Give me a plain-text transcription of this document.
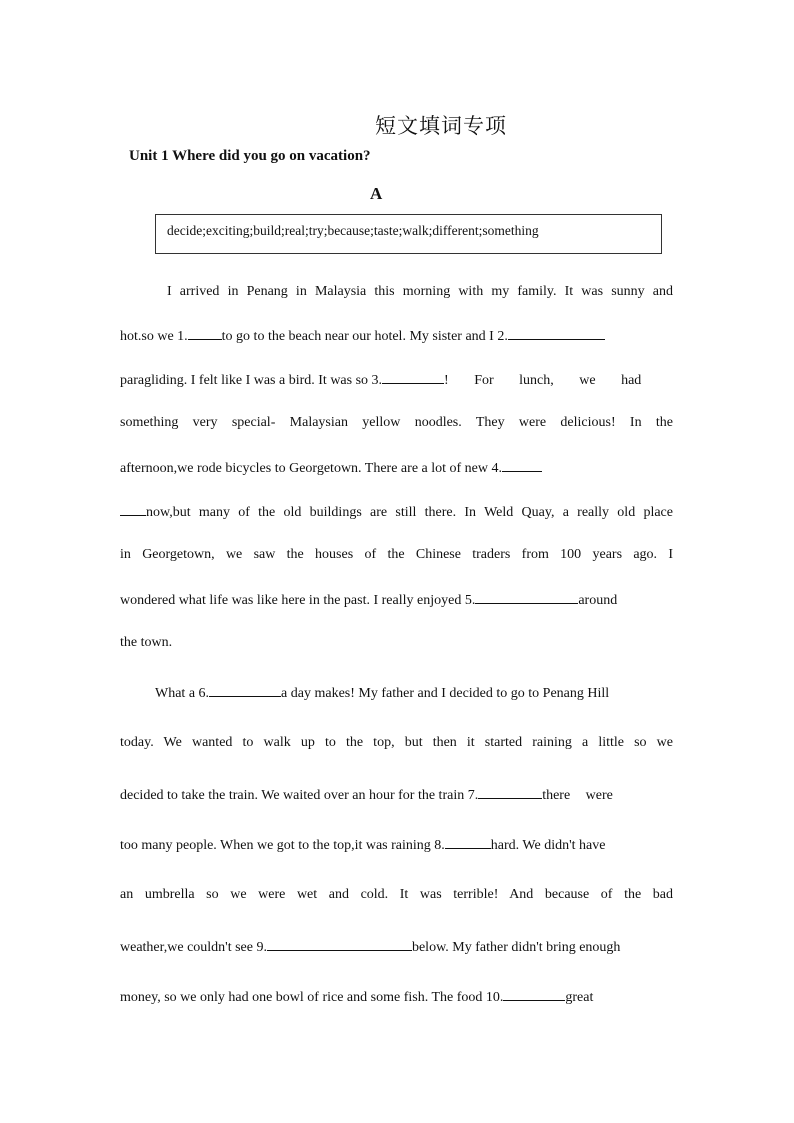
短文填词专项
Unit 1 Where did you go on vacation?
A
decide;exciting;build;real;try;because;taste;walk;different;something
I arrived in Penang in Malaysia this morning with my family. It was sunny and
hot.so we 1. to go to the beach near our hotel. My sister and I 2.
paragliding. I felt like I was a bird. It was so 3.	! For lunch, we had
something very special- Malaysian yellow noodles. They were delicious! In the
afternoon,we rode bicycles to Georgetown. There are a lot of new 4.
now,but many of the old buildings are still there. In Weld Quay, a really old place
in Georgetown, we saw the houses of the Chinese traders from 100 years ago. I
wondered what life was like here in the past. I really enjoyed 5.	around
the town.
What a 6.	a day makes! My father and I decided to go to Penang Hill
today. We wanted to walk up to the top, but then it started raining a little so we
decided to take the train. We waited over an hour for the train 7.	there were
too many people. When we got to the top,it was raining 8.	hard. We didn't have
an umbrella so we were wet and cold. It was terrible! And because of the bad
weather,we couldn't see 9.	below. My father didn't bring enough
money, so we only had one bowl of rice and some fish. The food 10.	great
